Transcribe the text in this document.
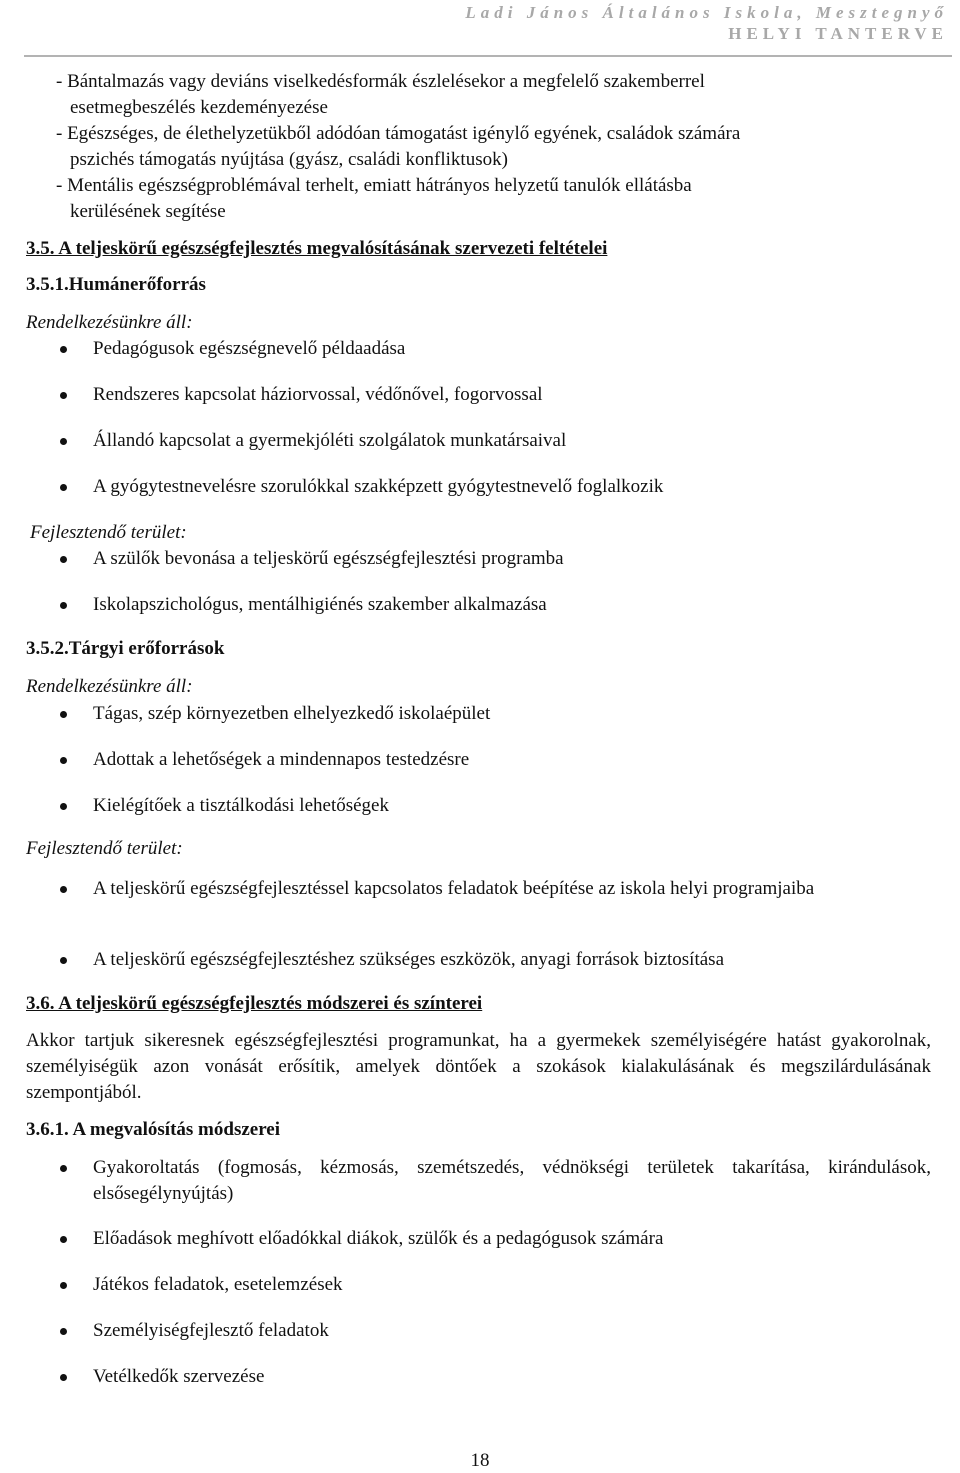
Ladi János Általános Iskola, Mesztegnyő
HELYI TANTERVE
- Bántalmazás vagy deviáns viselkedésformák észlelésekor a megfelelő szakemberrel
esetmegbeszélés kezdeményezése
- Egészséges, de élethelyzetükből adódóan támogatást igénylő egyének, családok számára
pszichés támogatás nyújtása (gyász, családi konfliktusok)
- Mentális egészségproblémával terhelt, emiatt hátrányos helyzetű tanulók ellátásba
kerülésének segítése
3.5. A teljeskörű egészségfejlesztés megvalósításának szervezeti feltételei
3.5.1.Humánerőforrás
Rendelkezésünkre áll:
Pedagógusok egészségnevelő példaadása
Rendszeres kapcsolat háziorvossal, védőnővel, fogorvossal
Állandó kapcsolat a gyermekjóléti szolgálatok munkatársaival
A gyógytestnevelésre szorulókkal szakképzett gyógytestnevelő foglalkozik
Fejlesztendő terület:
A szülők bevonása a teljeskörű egészségfejlesztési programba
Iskolapszichológus, mentálhigiénés szakember alkalmazása
3.5.2.Tárgyi erőforrások
Rendelkezésünkre áll:
Tágas, szép környezetben elhelyezkedő iskolaépület
Adottak a lehetőségek a mindennapos testedzésre
Kielégítőek a tisztálkodási lehetőségek
Fejlesztendő terület:
A teljeskörű egészségfejlesztéssel kapcsolatos feladatok beépítése az iskola helyi programjaiba
A teljeskörű egészségfejlesztéshez szükséges eszközök, anyagi források biztosítása
3.6. A teljeskörű egészségfejlesztés módszerei és színterei
Akkor tartjuk sikeresnek egészségfejlesztési programunkat, ha a gyermekek személyiségére hatást gyakorolnak, személyiségük azon vonását erősítik, amelyek döntőek a szokások kialakulásának és megszilárdulásának szempontjából.
3.6.1. A megvalósítás módszerei
Gyakoroltatás (fogmosás, kézmosás, szemétszedés, védnökségi területek takarítása, kirándulások, elsősegélynyújtás)
Előadások meghívott előadókkal diákok, szülők és a pedagógusok számára
Játékos feladatok, esetelemzések
Személyiségfejlesztő feladatok
Vetélkedők szervezése
18
